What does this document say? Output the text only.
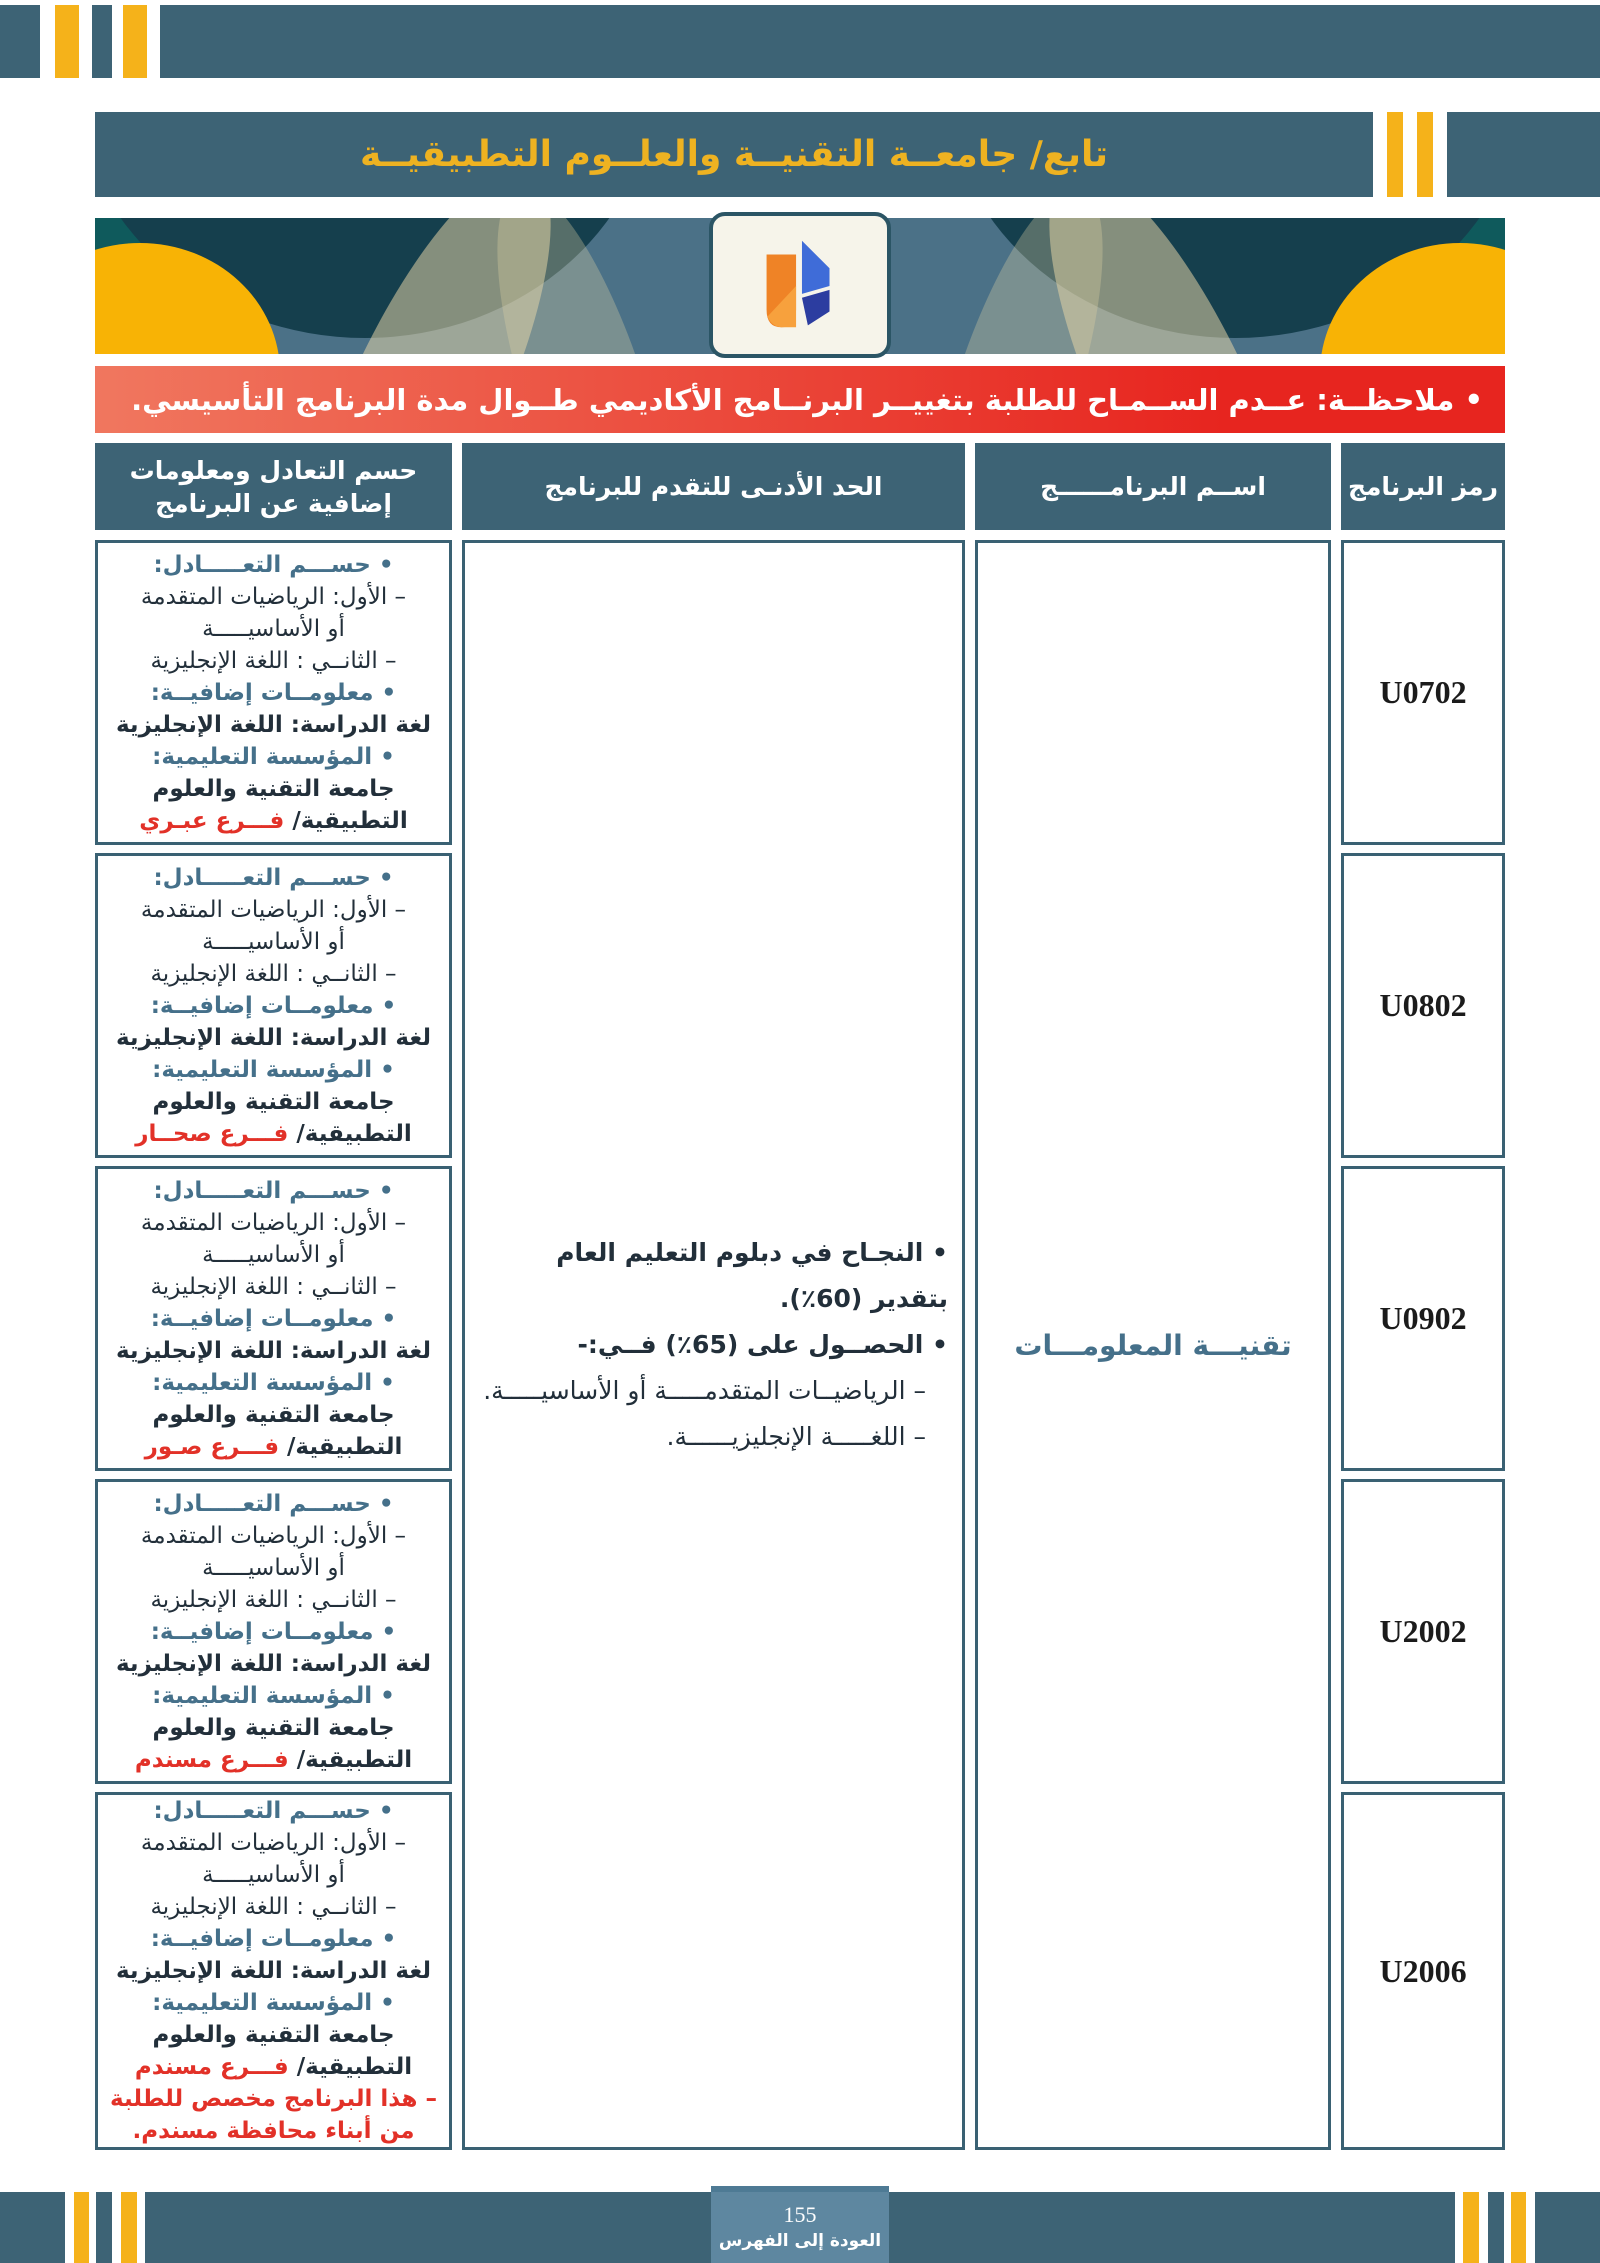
تابع/ جامعــة التقنيــة والعلــوم التطبيقيــة
• ملاحظــة: عــدم الســمـاح للطلبة بتغييــر البرنــامج الأكاديمي طــوال مدة البرنامج التأسيسي.
رمز البرنامج
اســم البرنامــــــج
الحد الأدنـى للتقدم للبرنامج
حسم التعادل ومعلومات إضافية عن البرنامج
U0702
U0802
U0902
U2002
U2006
تقنيـــة المعلومـــات
• النجـاح في دبلوم التعليم العام بتقدير (60٪).
• الحصــول على (65٪) فــي:-
– الرياضيــات المتقدمـــــة أو الأساسيـــــة.
– اللغـــــة الإنجليزيــــــة.
• حســـم التعـــــادل:
– الأول: الرياضيات المتقدمة
أو الأساسيـــــة
– الثانــي : اللغة الإنجليزية
• معلومــات إضافيــة:
لغة الدراسة: اللغة الإنجليزية
• المؤسسة التعليمية:
جامعة التقنية والعلوم
التطبيقية/ فـــرع عبـري
• حســـم التعـــــادل:
– الأول: الرياضيات المتقدمة
أو الأساسيـــــة
– الثانــي : اللغة الإنجليزية
• معلومــات إضافيــة:
لغة الدراسة: اللغة الإنجليزية
• المؤسسة التعليمية:
جامعة التقنية والعلوم
التطبيقية/ فـــرع صحــار
• حســـم التعـــــادل:
– الأول: الرياضيات المتقدمة
أو الأساسيـــــة
– الثانــي : اللغة الإنجليزية
• معلومــات إضافيــة:
لغة الدراسة: اللغة الإنجليزية
• المؤسسة التعليمية:
جامعة التقنية والعلوم
التطبيقية/ فـــرع صـور
• حســـم التعـــــادل:
– الأول: الرياضيات المتقدمة
أو الأساسيـــــة
– الثانــي : اللغة الإنجليزية
• معلومــات إضافيــة:
لغة الدراسة: اللغة الإنجليزية
• المؤسسة التعليمية:
جامعة التقنية والعلوم
التطبيقية/ فـــرع مسندم
• حســـم التعـــــادل:
– الأول: الرياضيات المتقدمة
أو الأساسيـــــة
– الثانــي : اللغة الإنجليزية
• معلومــات إضافيــة:
لغة الدراسة: اللغة الإنجليزية
• المؤسسة التعليمية:
جامعة التقنية والعلوم
التطبيقية/ فـــرع مسندم
– هذا البرنامج مخصص للطلبة
من أبناء محافظة مسندم.
155
العودة إلى الفهرس
